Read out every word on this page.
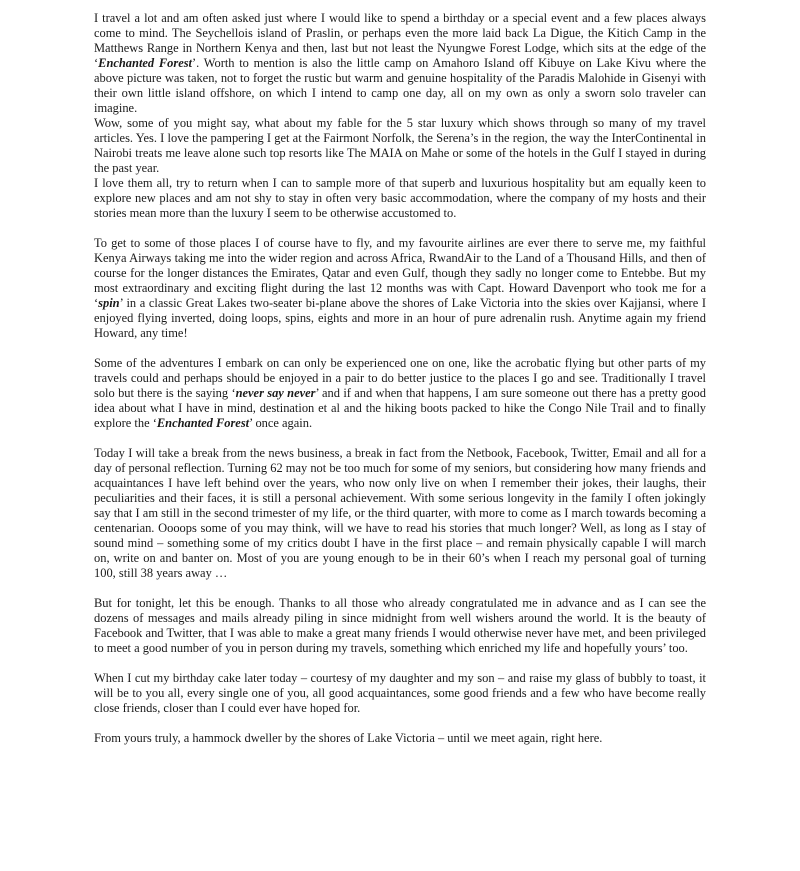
I travel a lot and am often asked just where I would like to spend a birthday or a special event and a few places always come to mind. The Seychellois island of Praslin, or perhaps even the more laid back La Digue, the Kitich Camp in the Matthews Range in Northern Kenya and then, last but not least the Nyungwe Forest Lodge, which sits at the edge of the ‘Enchanted Forest’. Worth to mention is also the little camp on Amahoro Island off Kibuye on Lake Kivu where the above picture was taken, not to forget the rustic but warm and genuine hospitality of the Paradis Malohide in Gisenyi with their own little island offshore, on which I intend to camp one day, all on my own as only a sworn solo traveler can imagine.

Wow, some of you might say, what about my fable for the 5 star luxury which shows through so many of my travel articles. Yes. I love the pampering I get at the Fairmont Norfolk, the Serena’s in the region, the way the InterContinental in Nairobi treats me leave alone such top resorts like The MAIA on Mahe or some of the hotels in the Gulf I stayed in during the past year.

I love them all, try to return when I can to sample more of that superb and luxurious hospitality but am equally keen to explore new places and am not shy to stay in often very basic accommodation, where the company of my hosts and their stories mean more than the luxury I seem to be otherwise accustomed to.

To get to some of those places I of course have to fly, and my favourite airlines are ever there to serve me, my faithful Kenya Airways taking me into the wider region and across Africa, RwandAir to the Land of a Thousand Hills, and then of course for the longer distances the Emirates, Qatar and even Gulf, though they sadly no longer come to Entebbe. But my most extraordinary and exciting flight during the last 12 months was with Capt. Howard Davenport who took me for a ‘spin’ in a classic Great Lakes two-seater bi-plane above the shores of Lake Victoria into the skies over Kajjansi, where I enjoyed flying inverted, doing loops, spins, eights and more in an hour of pure adrenalin rush. Anytime again my friend Howard, any time!

Some of the adventures I embark on can only be experienced one on one, like the acrobatic flying but other parts of my travels could and perhaps should be enjoyed in a pair to do better justice to the places I go and see. Traditionally I travel solo but there is the saying ‘never say never’ and if and when that happens, I am sure someone out there has a pretty good idea about what I have in mind, destination et al and the hiking boots packed to hike the Congo Nile Trail and to finally explore the ‘Enchanted Forest’ once again.

Today I will take a break from the news business, a break in fact from the Netbook, Facebook, Twitter, Email and all for a day of personal reflection. Turning 62 may not be too much for some of my seniors, but considering how many friends and acquaintances I have left behind over the years, who now only live on when I remember their jokes, their laughs, their peculiarities and their faces, it is still a personal achievement. With some serious longevity in the family I often jokingly say that I am still in the second trimester of my life, or the third quarter, with more to come as I march towards becoming a centenarian. Oooops some of you may think, will we have to read his stories that much longer? Well, as long as I stay of sound mind – something some of my critics doubt I have in the first place – and remain physically capable I will march on, write on and banter on. Most of you are young enough to be in their 60’s when I reach my personal goal of turning 100, still 38 years away …

But for tonight, let this be enough. Thanks to all those who already congratulated me in advance and as I can see the dozens of messages and mails already piling in since midnight from well wishers around the world. It is the beauty of Facebook and Twitter, that I was able to make a great many friends I would otherwise never have met, and been privileged to meet a good number of you in person during my travels, something which enriched my life and hopefully yours’ too.

When I cut my birthday cake later today – courtesy of my daughter and my son – and raise my glass of bubbly to toast, it will be to you all, every single one of you, all good acquaintances, some good friends and a few who have become really close friends, closer than I could ever have hoped for.

From yours truly, a hammock dweller by the shores of Lake Victoria – until we meet again, right here.
